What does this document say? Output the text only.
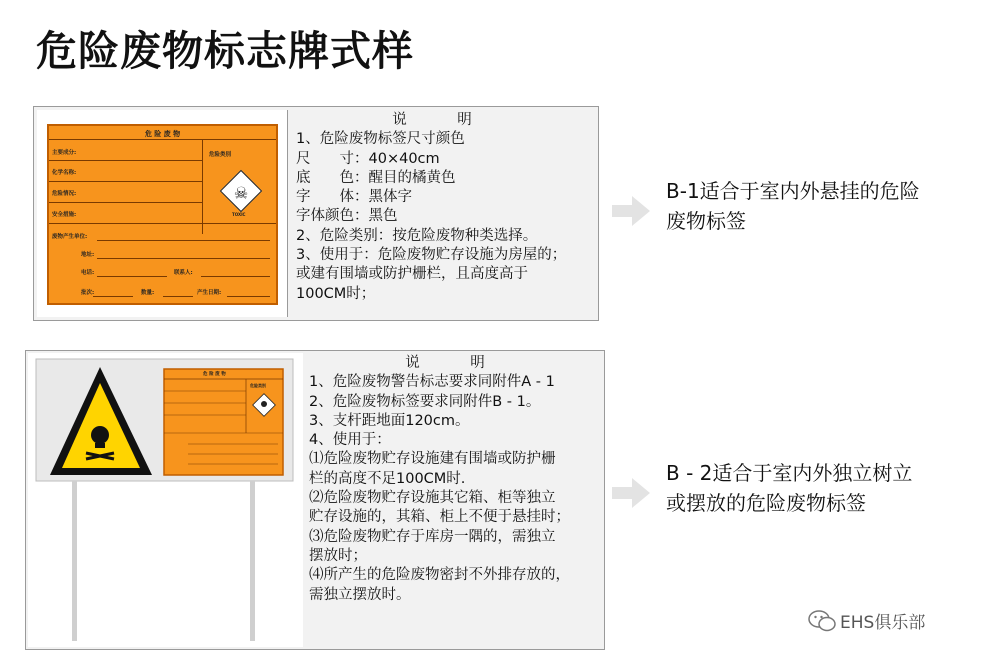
危险废物标志牌式样
危 险 废 物
主要成分:
化学名称:
危险情况:
安全措施:
危险类别
☠
TOXIC
废物产生单位:
地址:
电话:	联系人:
批次:	数量:	产生日期:
说　明
1、危险废物标签尺寸颜色
尺　　寸：40×40cm
底　　色：醒目的橘黄色
字　　体：黑体字
字体颜色：黑色
2、危险类别：按危险废物种类选择。
3、使用于：危险废物贮存设施为房屋的；
或建有围墙或防护栅栏，且高度高于
100CM时；
B-1适合于室内外悬挂的危险
废物标签
危 险 废 物
危险类别
说　明
1、危险废物警告标志要求同附件A - 1
2、危险废物标签要求同附件B - 1。
3、支杆距地面120cm。
4、使用于：
⑴危险废物贮存设施建有围墙或防护栅
栏的高度不足100CM时.
⑵危险废物贮存设施其它箱、柜等独立
贮存设施的，其箱、柜上不便于悬挂时；
⑶危险废物贮存于库房一隅的，需独立
摆放时；
⑷所产生的危险废物密封不外排存放的，
需独立摆放时。
B - 2适合于室内外独立树立
或摆放的危险废物标签
EHS俱乐部
